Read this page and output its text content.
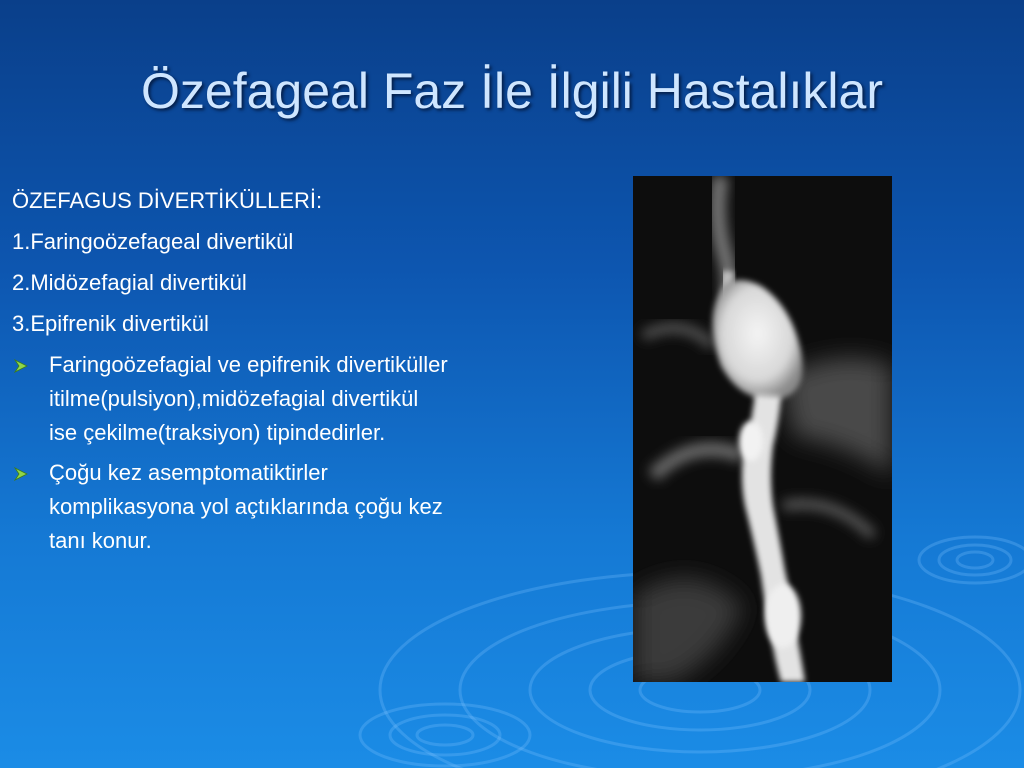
Özefageal Faz İle İlgili Hastalıklar
ÖZEFAGUS DİVERTİKÜLLERİ:
1.Faringoözefageal divertikül
2.Midözefagial divertikül
3.Epifrenik divertikül
Faringoözefagial ve epifrenik divertiküller itilme(pulsiyon),midözefagial divertikül ise çekilme(traksiyon) tipindedirler.
Çoğu kez asemptomatiktirler komplikasyona yol açtıklarında çoğu kez tanı konur.
